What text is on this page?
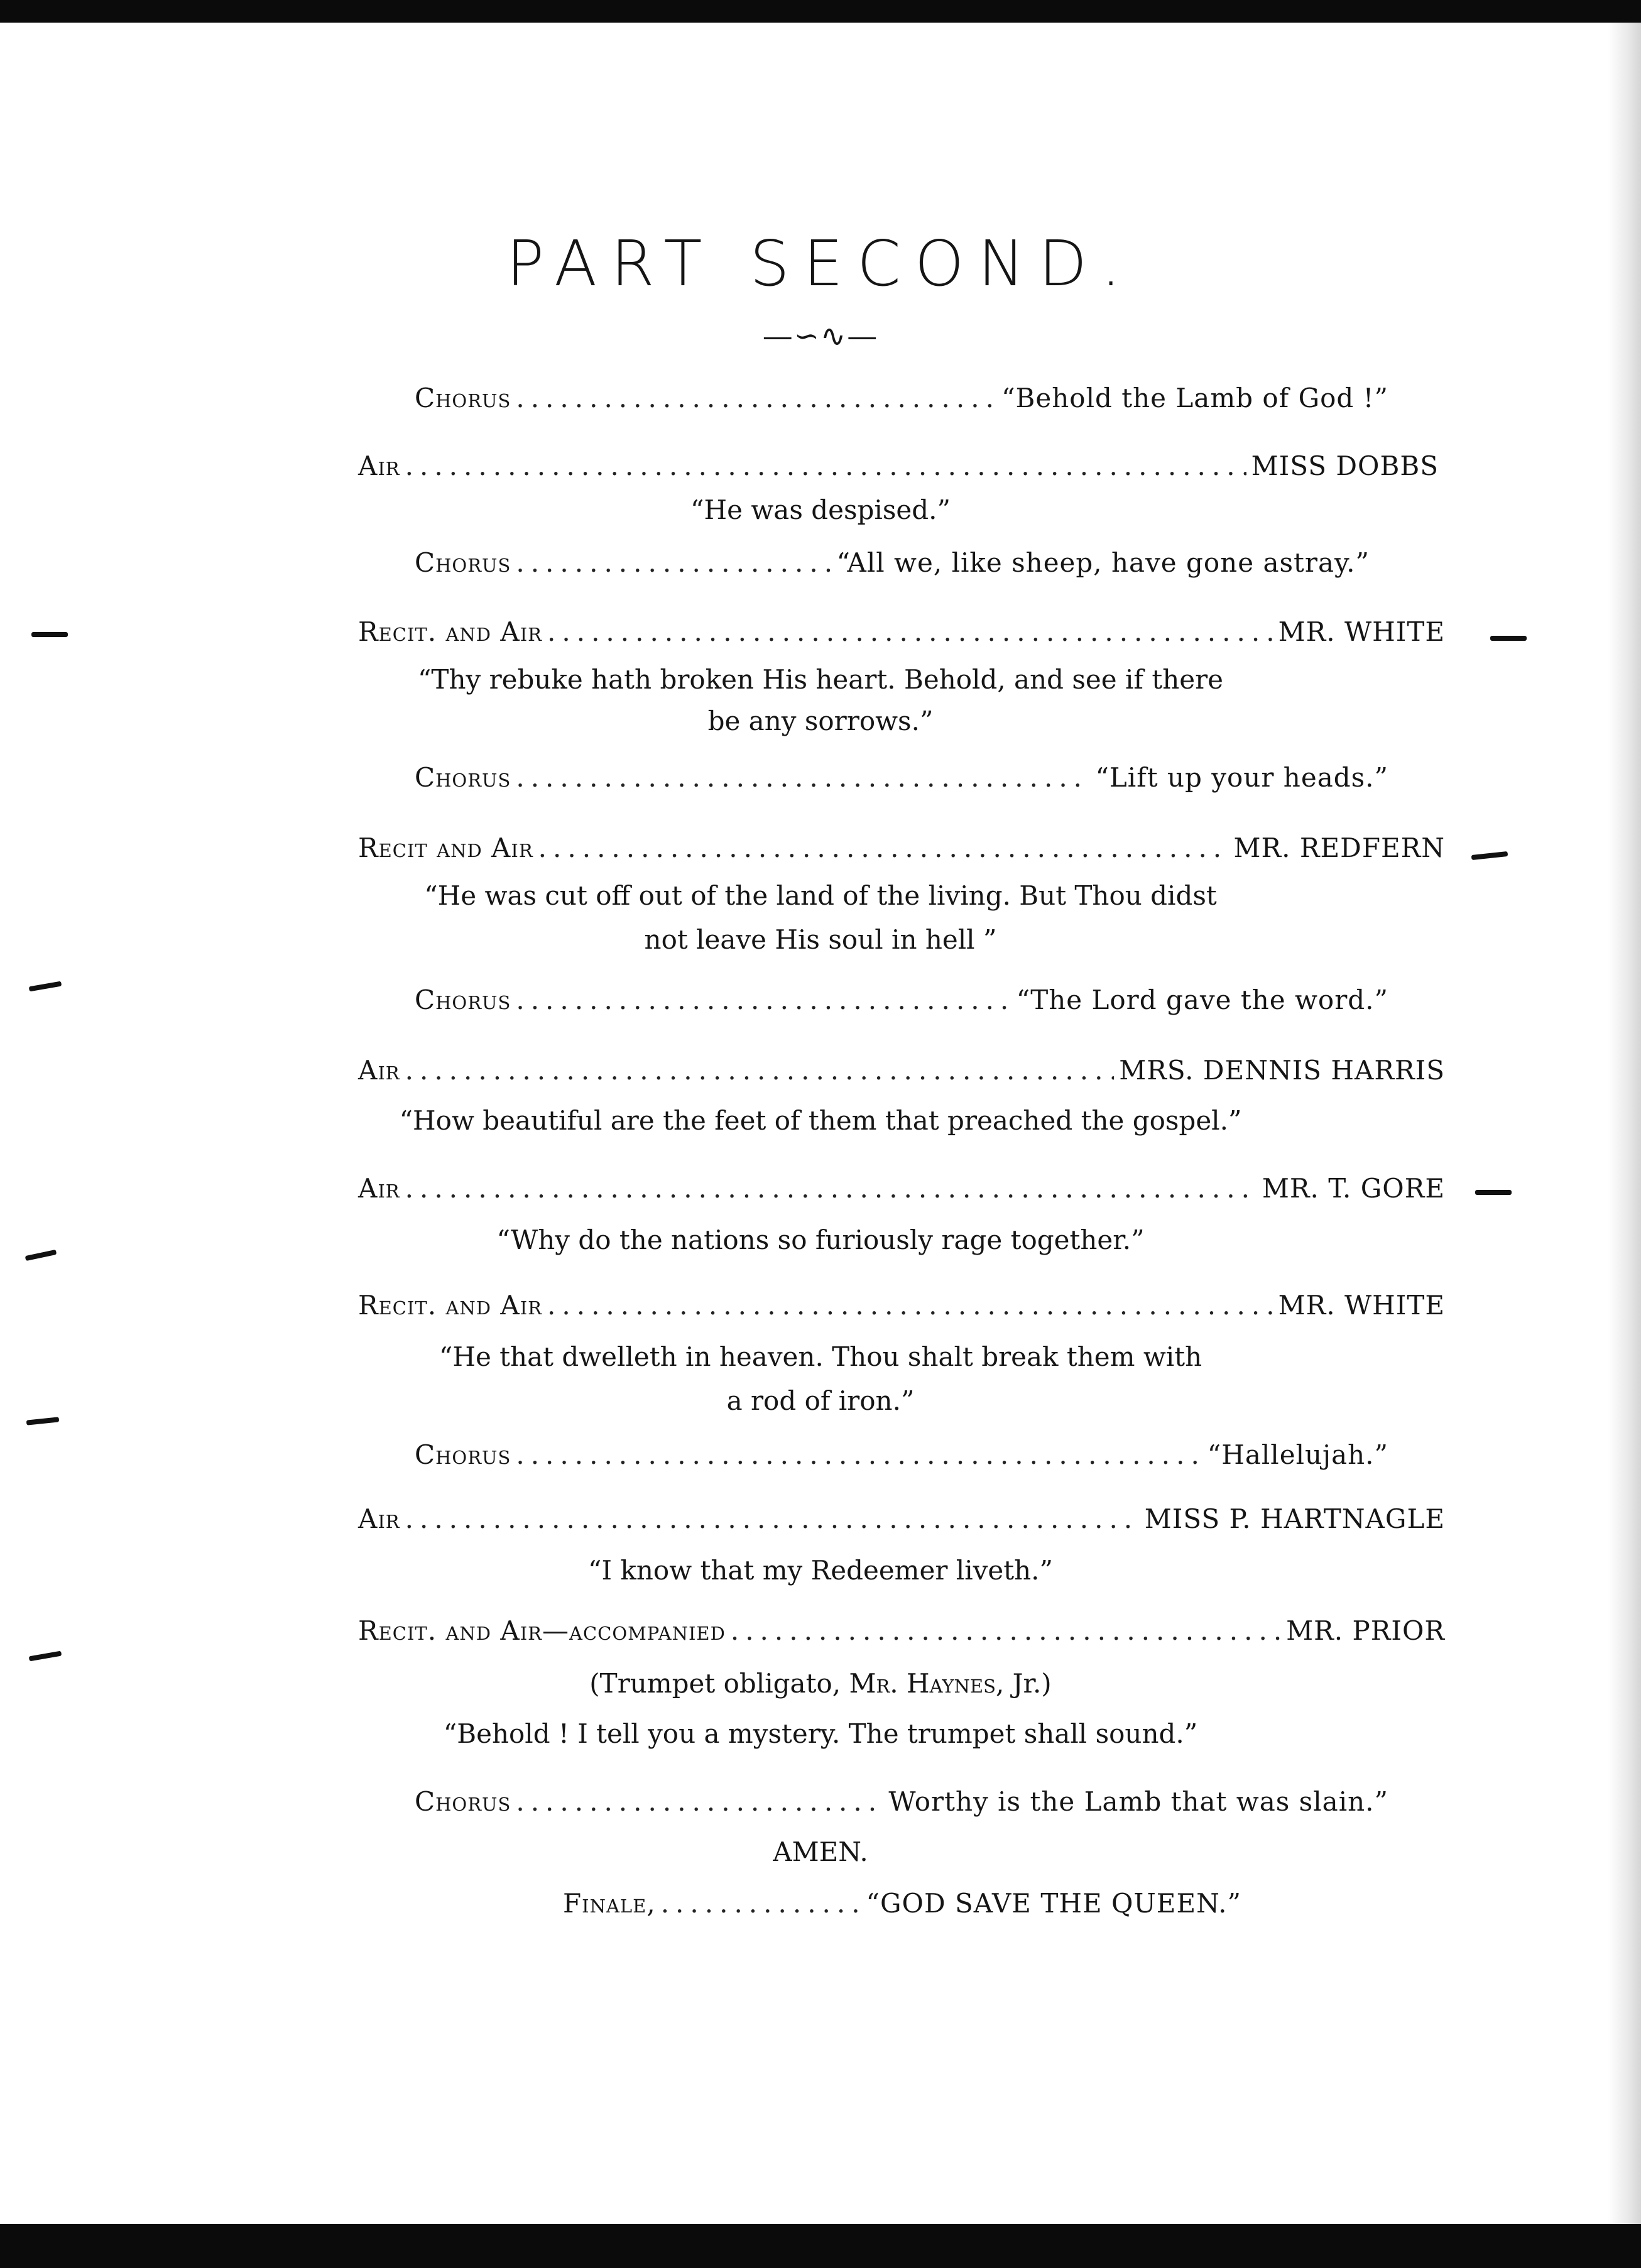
PART SECOND.
—∽∿—
Chorus .....	“Behold the Lamb of God !”
Air .....	MISS DOBBS
“He was despised.”
Chorus .....	“All we, like sheep, have gone astray.”
Recit. and Air .....	MR. WHITE
“Thy rebuke hath broken His heart. Behold, and see if there
be any sorrows.”
Chorus .....	“Lift up your heads.”
Recit and Air .....	MR. REDFERN
“He was cut off out of the land of the living. But Thou didst
not leave His soul in hell ”
Chorus .....	“The Lord gave the word.”
Air .....	MRS. DENNIS HARRIS
“How beautiful are the feet of them that preached the gospel.”
Air .....	MR. T. GORE
“Why do the nations so furiously rage together.”
Recit. and Air .....	MR. WHITE
“He that dwelleth in heaven. Thou shalt break them with
a rod of iron.”
Chorus .....	“Hallelujah.”
Air .....	MISS P. HARTNAGLE
“I know that my Redeemer liveth.”
Recit. and Air—accompanied .....	MR. PRIOR
(Trumpet obligato, Mr. Haynes, Jr.)
“Behold ! I tell you a mystery. The trumpet shall sound.”
Chorus .....	Worthy is the Lamb that was slain.”
AMEN.
Finale, .....	“GOD SAVE THE QUEEN.”
